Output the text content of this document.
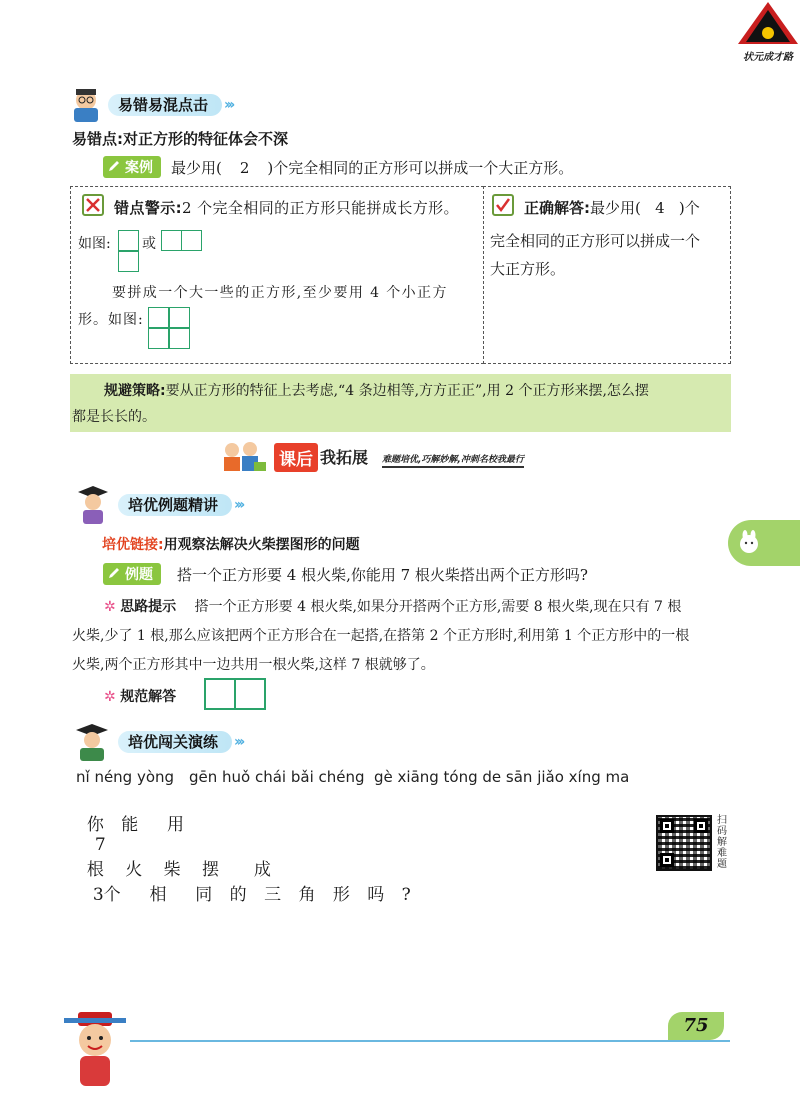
状元成才路
易错易混点击	›››
易错点:对正方形的特征体会不深
案例	最少用( 2 )个完全相同的正方形可以拼成一个大正方形。
错点警示:2 个完全相同的正方形只能拼成长方形。
如图: 或
要拼成一个大一些的正方形,至少要用 4 个小正方
形。如图:
正确解答:最少用( 4 )个
完全相同的正方形可以拼成一个
大正方形。
规避策略:要从正方形的特征上去考虑,“4 条边相等,方方正正”,用 2 个正方形来摆,怎么摆
都是长长的。
课后 我拓展 难题培优,巧解妙解,冲刺名校我最行
培优例题精讲	›››
培优链接:用观察法解决火柴摆图形的问题
例题	搭一个正方形要 4 根火柴,你能用 7 根火柴搭出两个正方形吗?
✲ 思路提示 搭一个正方形要 4 根火柴,如果分开搭两个正方形,需要 8 根火柴,现在只有 7 根
火柴,少了 1 根,那么应该把两个正方形合在一起搭,在搭第 2 个正方形时,利用第 1 个正方形中的一根
火柴,两个正方形其中一边共用一根火柴,这样 7 根就够了。
✲ 规范解答
培优闯关演练	›››
nǐ néng yòng gēn huǒ chái bǎi chéng gè xiāng tóng de sān jiǎo xíng ma

你 能  用
7
根 火 柴 摆  成
3个  相  同 的 三 角 形 吗 ?

扫码解难题
75
